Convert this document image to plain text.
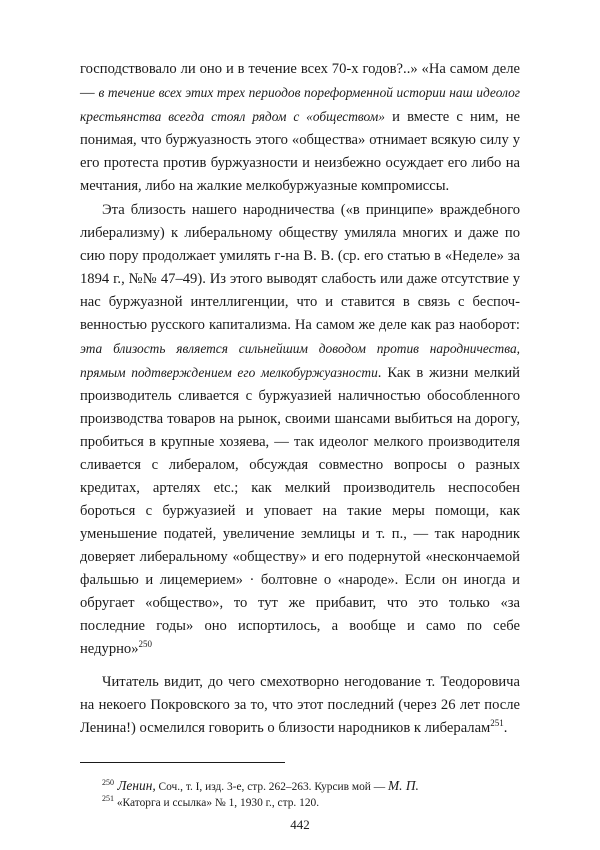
господствовало ли оно и в течение всех 70-х годов?..» «На самом деле — в течение всех этих трех периодов пореформенной истории наш идеолог крестьянства всегда стоял рядом с «обществом» и вместе с ним, не понимая, что буржуазность этого «общества» отнимает всякую силу у его протеста против буржуазности и неизбежно осуждает его либо на мечтания, либо на жалкие мелкобуржуазные компромиссы.

Эта близость нашего народничества («в принципе» враждебного либерализму) к либеральному обществу умиляла многих и даже по сию пору продолжает умилять г-на В. В. (ср. его статью в «Неделе» за 1894 г., №№ 47–49). Из этого выводят слабость или даже отсутствие у нас буржуазной интеллигенции, что и ставится в связь с беспочвенностью русского капитализма. На самом же деле как раз наоборот: эта близость является сильнейшим доводом против народничества, прямым подтверждением его мелкобуржуазности. Как в жизни мелкий производитель сливается с буржуазией наличностью обособленного производства товаров на рынок, своими шансами выбиться на дорогу, пробиться в крупные хозяева, — так идеолог мелкого производителя сливается с либералом, обсуждая совместно вопросы о разных кредитах, артелях etc.; как мелкий производитель неспособен бороться с буржуазией и уповает на такие меры помощи, как уменьшение податей, увеличение землицы и т. п., — так народник доверяет либеральному «обществу» и его подернутой «нескончаемой фальшью и лицемерием» · болтовне о «народе». Если он иногда и обругает «общество», то тут же прибавит, что это только «за последние годы» оно испортилось, а вообще и само по себе недурно»$^{250}$

Читатель видит, до чего смехотворно негодование т. Теодоровича на некоего Покровского за то, что этот последний (через 26 лет после Ленина!) осмелился говорить о близости народников к либералам$^{251}$.

$^{250}$ Ленин, Соч., т. I, изд. 3-е, стр. 262–263. Курсив мой — М. П.

$^{251}$ «Каторга и ссылка» № 1, 1930 г., стр. 120.

442
